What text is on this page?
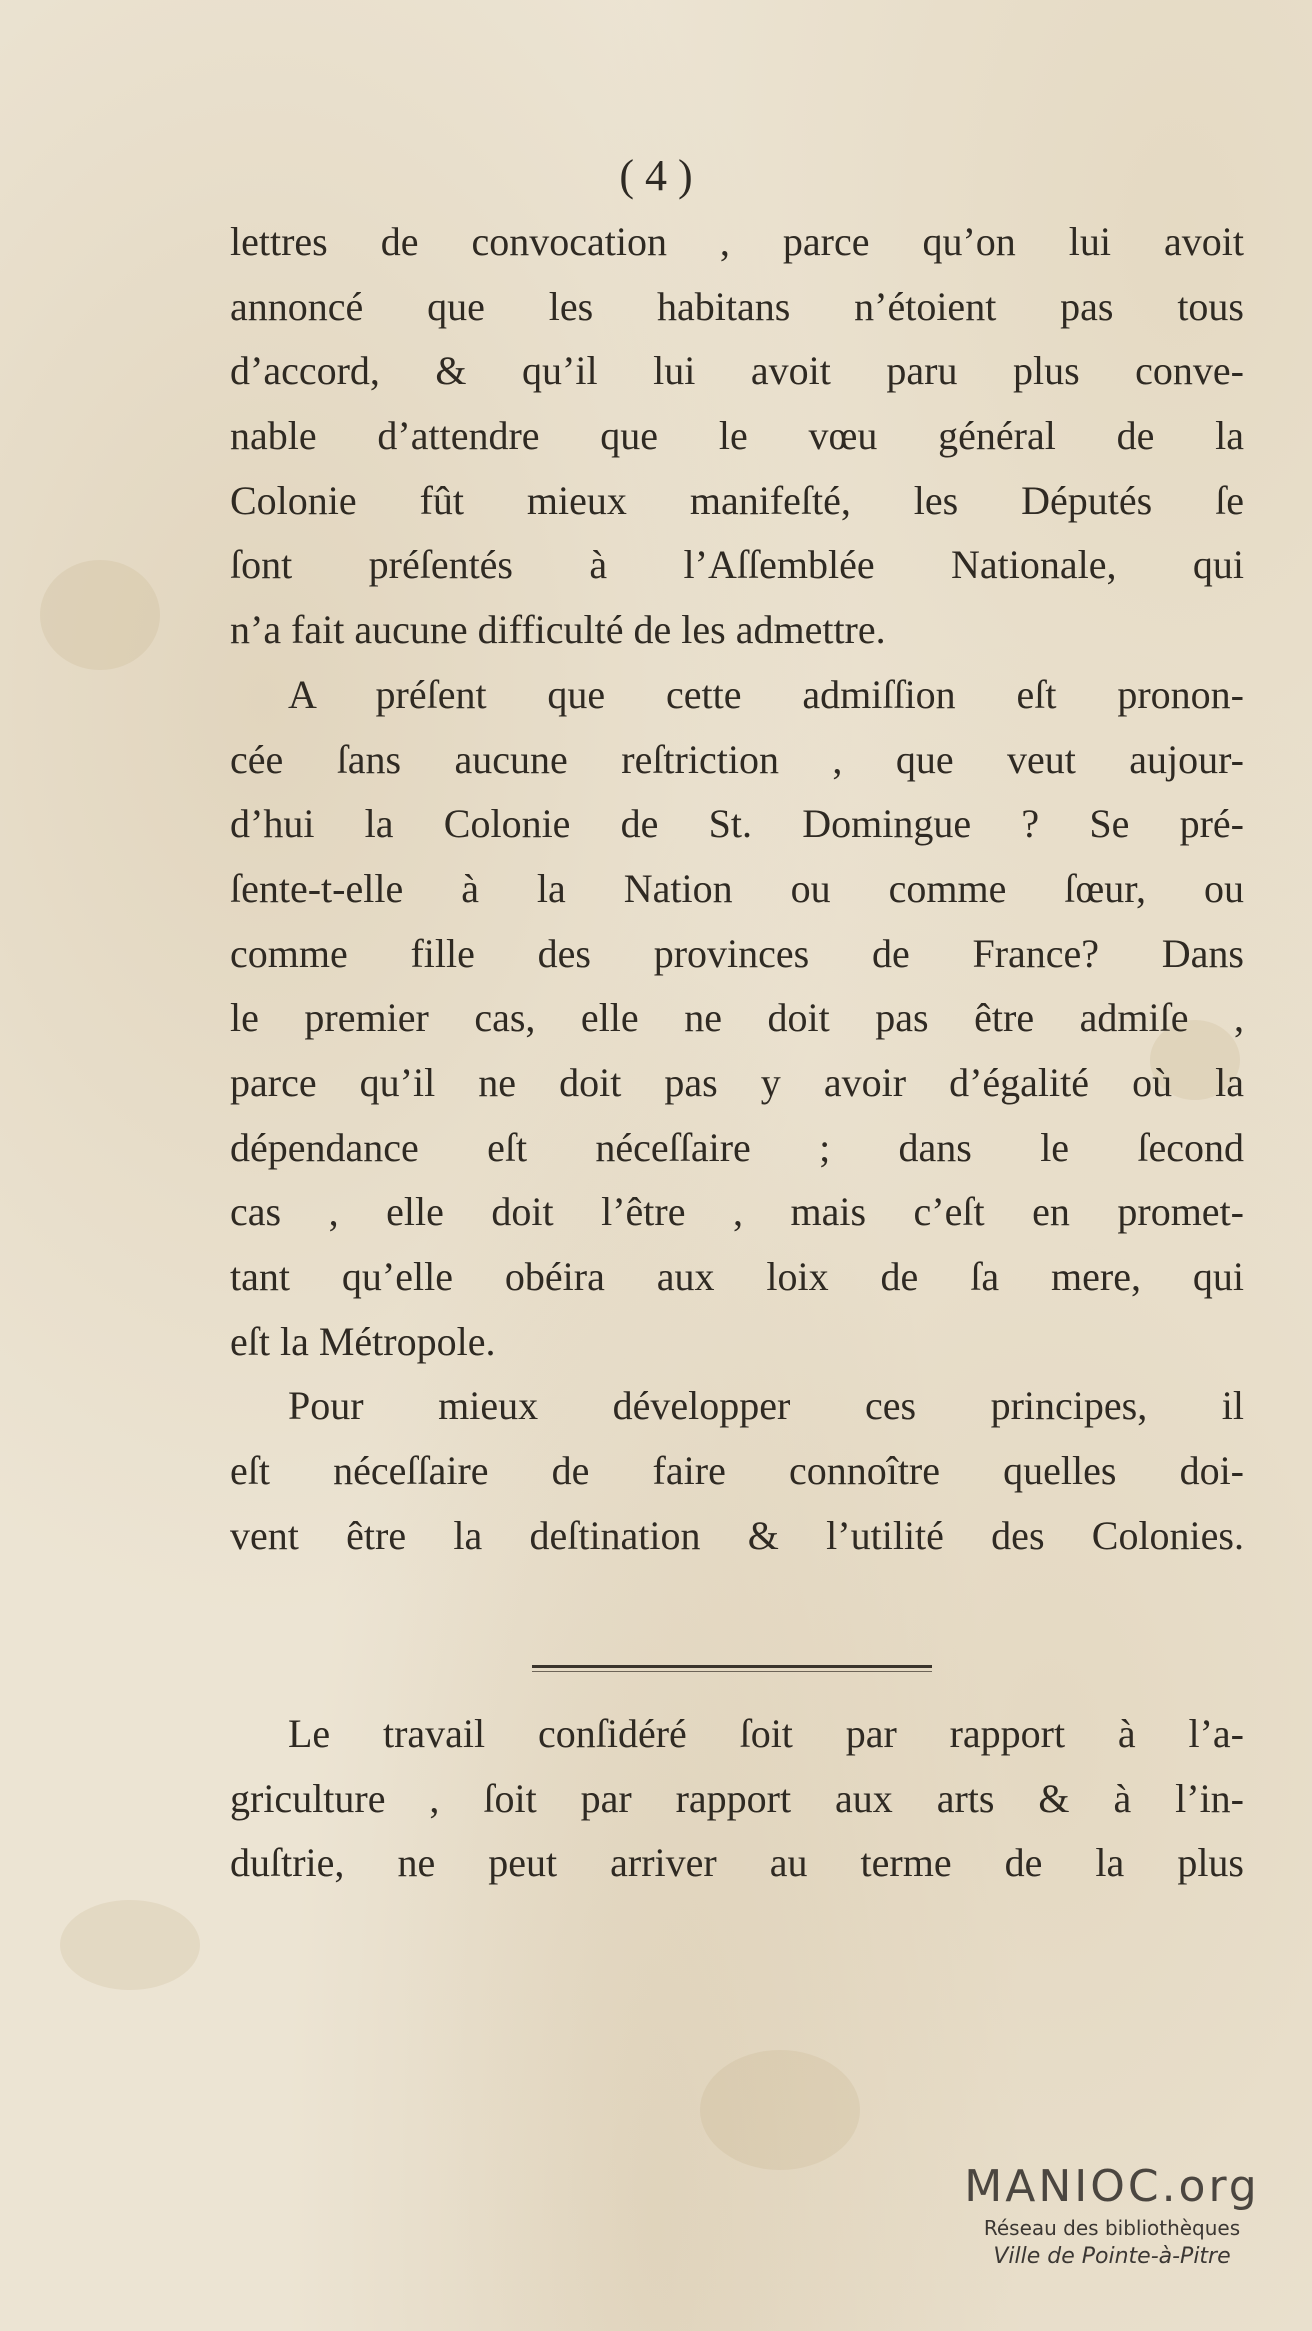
( 4 )
lettres de convocation , parce qu’on lui avoit
annoncé que les habitans n’étoient pas tous
d’accord, & qu’il lui avoit paru plus conve-
nable d’attendre que le vœu général de la
Colonie fût mieux manifeſté, les Députés ſe
ſont préſentés à l’Aſſemblée Nationale, qui
n’a fait aucune difficulté de les admettre.
A préſent que cette admiſſion eſt pronon-
cée ſans aucune reſtriction , que veut aujour-
d’hui la Colonie de St. Domingue ? Se pré-
ſente-t-elle à la Nation ou comme ſœur, ou
comme fille des provinces de France? Dans
le premier cas, elle ne doit pas être admiſe ,
parce qu’il ne doit pas y avoir d’égalité où la
dépendance eſt néceſſaire ; dans le ſecond
cas , elle doit l’être , mais c’eſt en promet-
tant qu’elle obéira aux loix de ſa mere, qui
eſt la Métropole.
Pour mieux développer ces principes, il
eſt néceſſaire de faire connoître quelles doi-
vent être la deſtination & l’utilité des Colonies.
Le travail conſidéré ſoit par rapport à l’a-
griculture , ſoit par rapport aux arts & à l’in-
duſtrie, ne peut arriver au terme de la plus
MANIOC.org
Réseau des bibliothèques
Ville de Pointe-à-Pitre
